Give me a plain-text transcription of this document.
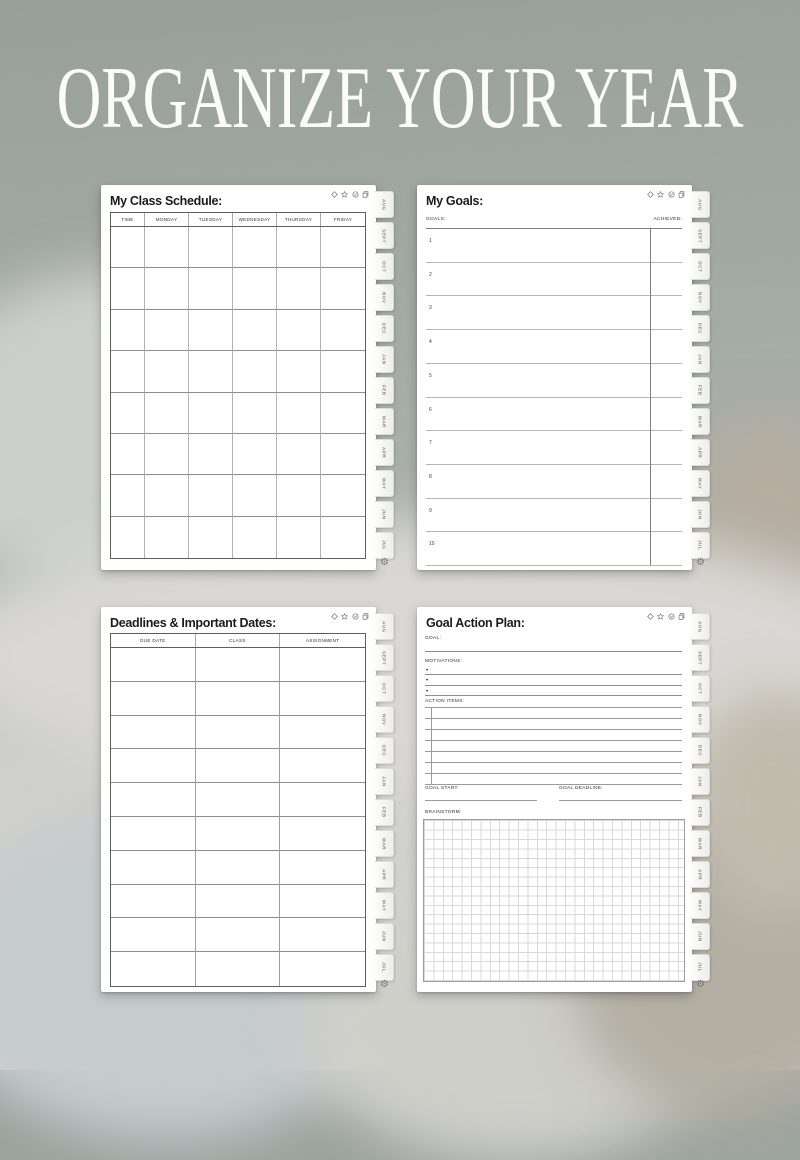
ORGANIZE YOUR YEAR
My Class Schedule:
TIME	MONDAY	TUESDAY	WEDNESDAY	THURSDAY	FRIDAY
AUG
SEPT
OCT
NOV
DEC
JAN
FEB
MAR
APR
MAY
JUN
JUL
⚙
My Goals:
GOALS:	ACHIEVED:
1
2
3
4
5
6
7
8
9
10
AUG
SEPT
OCT
NOV
DEC
JAN
FEB
MAR
APR
MAY
JUN
JUL
⚙
Deadlines & Important Dates:
DUE DATE	CLASS	ASSIGNMENT
AUG
SEPT
OCT
NOV
DEC
JAN
FEB
MAR
APR
MAY
JUN
JUL
⚙
Goal Action Plan:
GOAL:
MOTIVATIONS:
•
•
•
ACTION ITEMS:
GOAL START:	GOAL DEADLINE:
BRAINSTORM:
AUG
SEPT
OCT
NOV
DEC
JAN
FEB
MAR
APR
MAY
JUN
JUL
⚙
